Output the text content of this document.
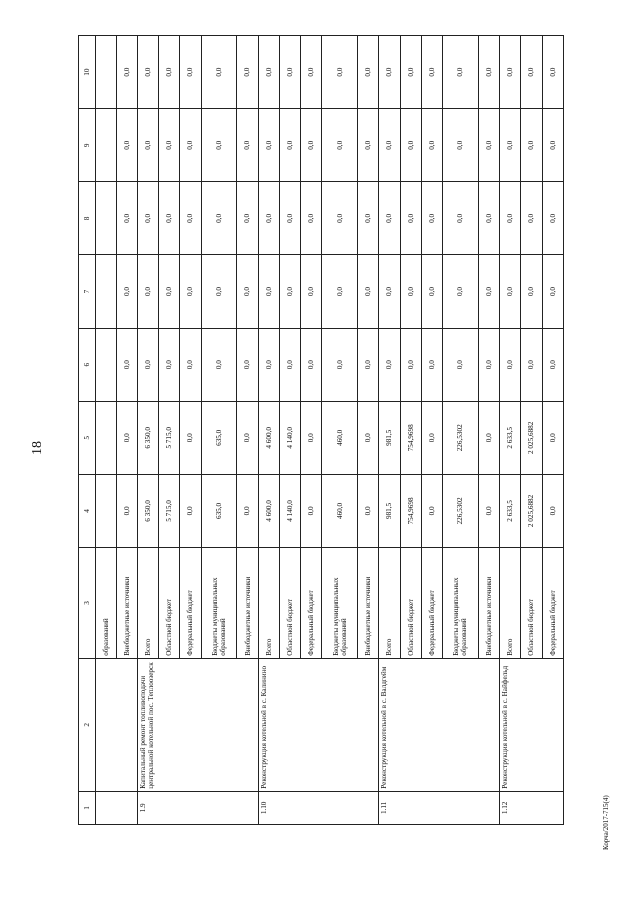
18
Корча/2017-715(4)
1	2	3	4	5	6	7	8	9	10
		образований							
		Внебюджетные источники	0,0	0,0	0,0	0,0	0,0	0,0	0,0
1.9	Капитальный ремонт топливоподачи центральной котельной пос. Теплоозерск	Всего	6 350,0	6 350,0	0,0	0,0	0,0	0,0	0,0
		Областной бюджет	5 715,0	5 715,0	0,0	0,0	0,0	0,0	0,0
		Федеральный бюджет	0,0	0,0	0,0	0,0	0,0	0,0	0,0
		Бюджеты муниципальных образований	635,0	635,0	0,0	0,0	0,0	0,0	0,0
		Внебюджетные источники	0,0	0,0	0,0	0,0	0,0	0,0	0,0
1.10	Реконструкция котельной в с. Калинино	Всего	4 600,0	4 600,0	0,0	0,0	0,0	0,0	0,0
		Областной бюджет	4 140,0	4 140,0	0,0	0,0	0,0	0,0	0,0
		Федеральный бюджет	0,0	0,0	0,0	0,0	0,0	0,0	0,0
		Бюджеты муниципальных образований	460,0	460,0	0,0	0,0	0,0	0,0	0,0
		Внебюджетные источники	0,0	0,0	0,0	0,0	0,0	0,0	0,0
1.11	Реконструкция котельной в с. Валдгейм	Всего	981,5	981,5	0,0	0,0	0,0	0,0	0,0
		Областной бюджет	754,9698	754,9698	0,0	0,0	0,0	0,0	0,0
		Федеральный бюджет	0,0	0,0	0,0	0,0	0,0	0,0	0,0
		Бюджеты муниципальных образований	226,5302	226,5302	0,0	0,0	0,0	0,0	0,0
		Внебюджетные источники	0,0	0,0	0,0	0,0	0,0	0,0	0,0
1.12	Реконструкция котельной в с. Найфельд	Всего	2 633,5	2 633,5	0,0	0,0	0,0	0,0	0,0
		Областной бюджет	2 025,6882	2 025,6882	0,0	0,0	0,0	0,0	0,0
		Федеральный бюджет	0,0	0,0	0,0	0,0	0,0	0,0	0,0
